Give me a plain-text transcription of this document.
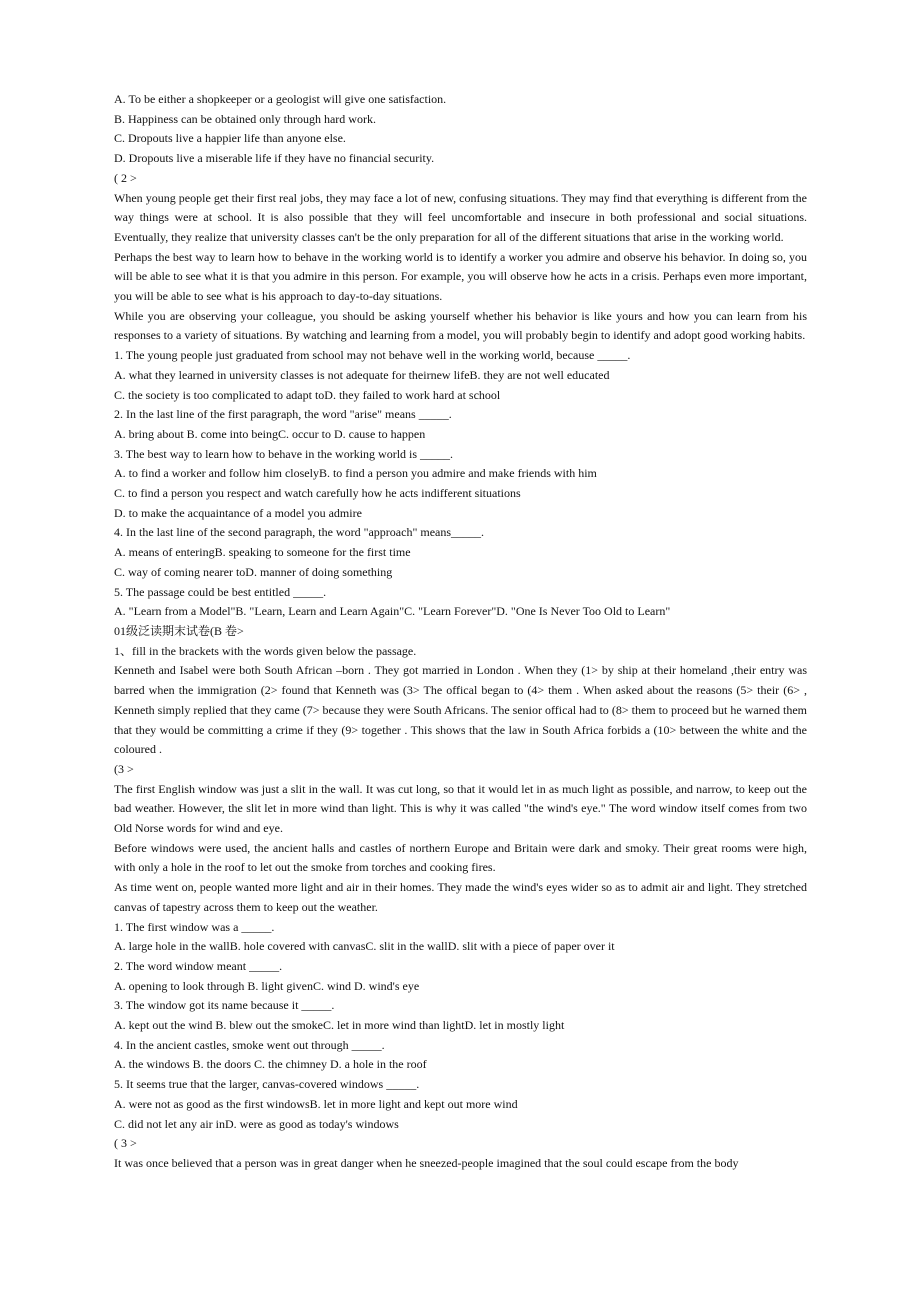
A. To be either a shopkeeper or a geologist will give one satisfaction.

B. Happiness can be obtained only through hard work.

C. Dropouts live a happier life than anyone else.

D. Dropouts live a miserable life if they have no financial security.

( 2 >

When young people get their first real jobs, they may face a lot of new, confusing situations. They may find that everything is different from the way things were at school. It is also possible that they will feel uncomfortable and insecure in both professional and social situations. Eventually, they realize that university classes can't be the only preparation for all of the different situations that arise in the working world.

Perhaps the best way to learn how to behave in the working world is to identify a worker you admire and observe his behavior. In doing so, you will be able to see what it is that you admire in this person. For example, you will observe how he acts in a crisis. Perhaps even more important, you will be able to see what is his approach to day-to-day situations.

While you are observing your colleague, you should be asking yourself whether his behavior is like yours and how you can learn from his responses to a variety of situations. By watching and learning from a model, you will probably begin to identify and adopt good working habits.

1. The young people just graduated from school may not behave well in the working world, because _____.

A. what they learned in university classes is not adequate for theirnew lifeB. they are not well educated

C. the society is too complicated to adapt toD. they failed to work hard at school

2. In the last line of the first paragraph, the word "arise" means _____.

A. bring about B. come into beingC. occur to D. cause to happen

3. The best way to learn how to behave in the working world is _____.

A. to find a worker and follow him closelyB. to find a person you admire and make friends with him

C. to find a person you respect and watch carefully how he acts indifferent situations

D. to make the acquaintance of a model you admire

4. In the last line of the second paragraph, the word "approach" means_____.

A. means of enteringB. speaking to someone for the first time

C. way of coming nearer toD. manner of doing something

5. The passage could be best entitled _____.

A. "Learn from a Model"B. "Learn, Learn and Learn Again"C. "Learn Forever"D. "One Is Never Too Old to Learn"

01级泛读期末试卷(B 卷>

1、fill in the brackets with the words given below the passage.

Kenneth and Isabel were both South African –born . They got married in London . When they (1> by ship at their homeland ,their entry was barred when the immigration (2> found that Kenneth was (3> The offical began to (4> them . When asked about the reasons (5> their (6> , Kenneth simply replied that they came (7> because they were South Africans. The senior offical had to (8> them to proceed but he warned them that they would be committing a crime if they (9> together . This shows that the law in South Africa forbids a (10> between the white and the coloured .

(3 >

The first English window was just a slit in the wall. It was cut long, so that it would let in as much light as possible, and narrow, to keep out the bad weather. However, the slit let in more wind than light. This is why it was called "the wind's eye." The word window itself comes from two Old Norse words for wind and eye.

Before windows were used, the ancient halls and castles of northern Europe and Britain were dark and smoky. Their great rooms were high, with only a hole in the roof to let out the smoke from torches and cooking fires.

As time went on, people wanted more light and air in their homes. They made the wind's eyes wider so as to admit air and light. They stretched canvas of tapestry across them to keep out the weather.

1. The first window was a _____.

A. large hole in the wallB. hole covered with canvasC. slit in the wallD. slit with a piece of paper over it

2. The word window meant _____.

A. opening to look through B. light givenC. wind D. wind's eye

3. The window got its name because it _____.

A. kept out the wind B. blew out the smokeC. let in more wind than lightD. let in mostly light

4. In the ancient castles, smoke went out through _____.

A. the windows B. the doors C. the chimney D. a hole in the roof

5. It seems true that the larger, canvas-covered windows _____.

A. were not as good as the first windowsB. let in more light and kept out more wind

C. did not let any air inD. were as good as today's windows

( 3 >

It was once believed that a person was in great danger when he sneezed-people imagined that the soul could escape from the body
